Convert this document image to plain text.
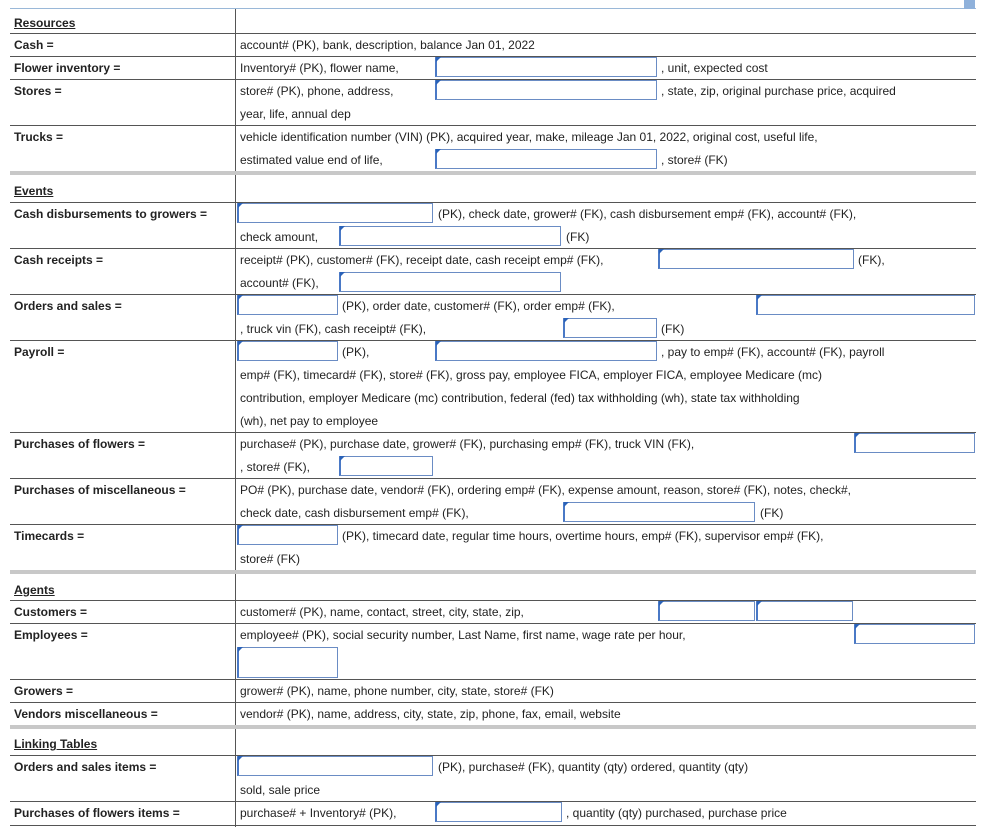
Resources
Cash =	account# (PK), bank, description, balance Jan 01, 2022
Flower inventory =	Inventory# (PK), flower name,	, unit, expected cost
Stores =	store# (PK), phone, address,	, state, zip, original purchase price, acquired
year, life, annual dep
Trucks =	vehicle identification number (VIN) (PK), acquired year, make, mileage Jan 01, 2022, original cost, useful life,
estimated value end of life,	, store# (FK)
Events
Cash disbursements to growers =	(PK), check date, grower# (FK), cash disbursement emp# (FK), account# (FK),
check amount,	(FK)
Cash receipts =	receipt# (PK), customer# (FK), receipt date, cash receipt emp# (FK),	(FK),
account# (FK),
Orders and sales =	(PK), order date, customer# (FK), order emp# (FK),
, truck vin (FK), cash receipt# (FK),	(FK)
Payroll =	(PK),	, pay to emp# (FK), account# (FK), payroll
emp# (FK), timecard# (FK), store# (FK), gross pay, employee FICA, employer FICA, employee Medicare (mc)
contribution, employer Medicare (mc) contribution, federal (fed) tax withholding (wh), state tax withholding
(wh), net pay to employee
Purchases of flowers =	purchase# (PK), purchase date, grower# (FK), purchasing emp# (FK), truck VIN (FK),
, store# (FK),
Purchases of miscellaneous =	PO# (PK), purchase date, vendor# (FK), ordering emp# (FK), expense amount, reason, store# (FK), notes, check#,
check date, cash disbursement emp# (FK),	(FK)
Timecards =	(PK), timecard date, regular time hours, overtime hours, emp# (FK), supervisor emp# (FK),
store# (FK)
Agents
Customers =	customer# (PK), name, contact, street, city, state, zip,
Employees =	employee# (PK), social security number, Last Name, first name, wage rate per hour,
Growers =	grower# (PK), name, phone number, city, state, store# (FK)
Vendors miscellaneous =	vendor# (PK), name, address, city, state, zip, phone, fax, email, website
Linking Tables
Orders and sales items =	(PK), purchase# (FK), quantity (qty) ordered, quantity (qty)
sold, sale price
Purchases of flowers items =	purchase# + Inventory# (PK),	, quantity (qty) purchased, purchase price
